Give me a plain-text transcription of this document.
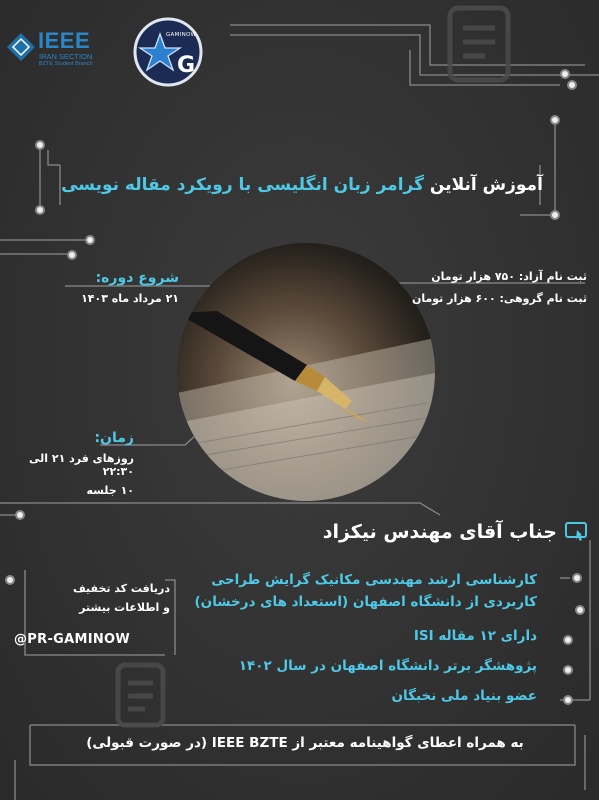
IEEE
IRAN SECTION
BZTE Student Branch	G
GAMINOW
آموزش آنلاین گرامر زبان انگلیسی با رویکرد مقاله نویسی
شروع دوره:
۲۱ مرداد ماه ۱۴۰۳
ثبت نام آزاد: ۷۵۰ هزار تومان
ثبت نام گروهی: ۶۰۰ هزار تومان
زمان:
روزهای فرد ۲۱ الی ۲۲:۳۰
۱۰ جلسه
جناب آقای مهندس نیکزاد
کارشناسی ارشد مهندسی مکانیک گرایش طراحی
کاربردی از دانشگاه اصفهان (استعداد های درخشان)
دارای ۱۲ مقاله ISI
پژوهشگر برتر دانشگاه اصفهان در سال ۱۴۰۲
عضو بنیاد ملی نخبگان
دریافت کد تخفیف
و اطلاعات بیشتر
@PR-GAMINOW
به همراه اعطای گواهینامه معتبر از IEEE BZTE (در صورت قبولی)
